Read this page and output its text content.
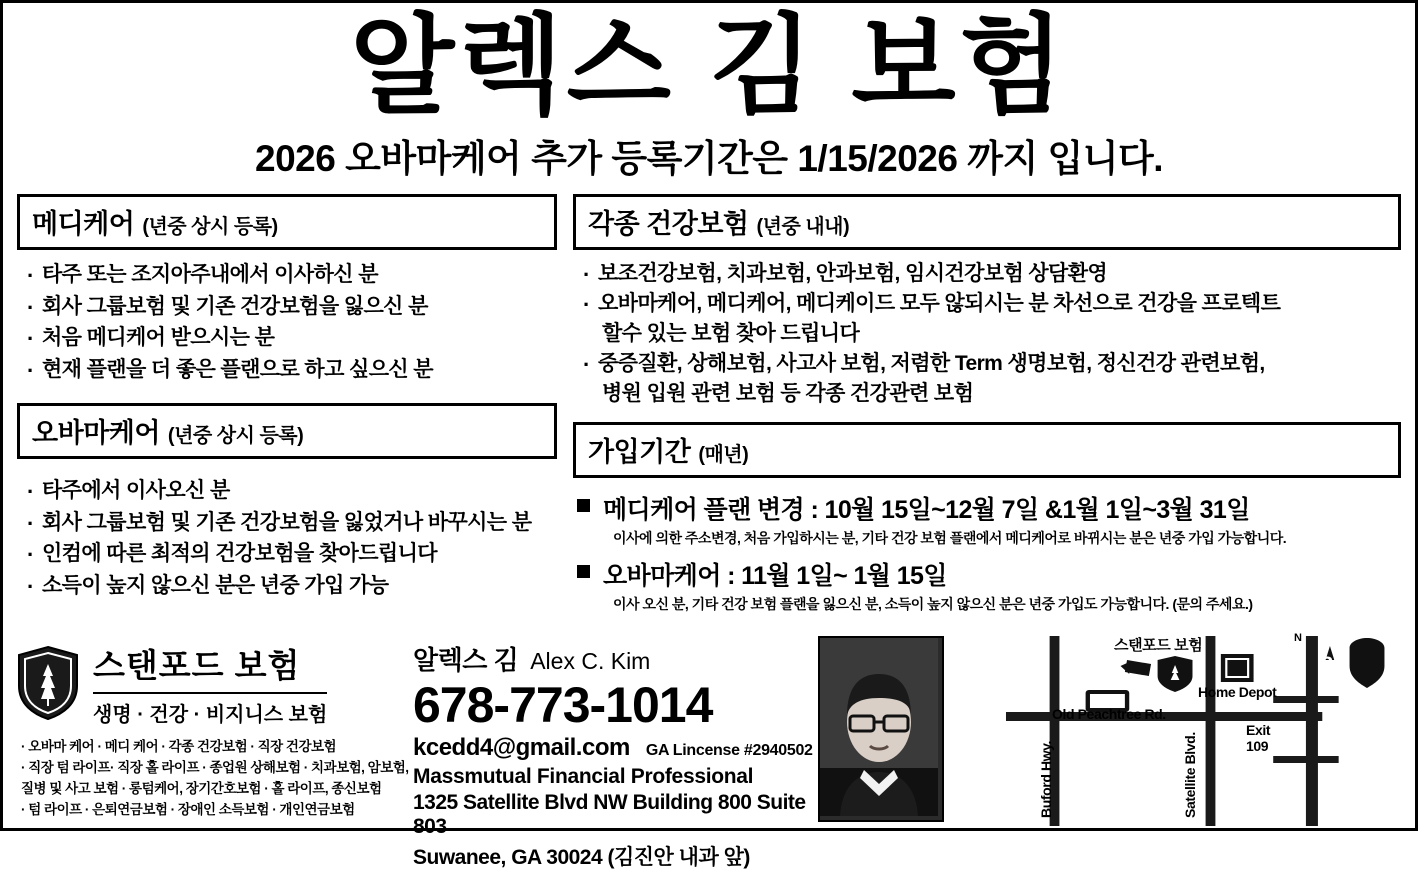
알렉스 김 보험
2026 오바마케어 추가 등록기간은 1/15/2026 까지 입니다.
메디케어 (년중 상시 등록)
· 타주 또는 조지아주내에서 이사하신 분
· 회사 그룹보험 및 기존 건강보험을 잃으신 분
· 처음 메디케어 받으시는 분
· 현재 플랜을 더 좋은 플랜으로 하고 싶으신 분
오바마케어 (년중 상시 등록)
· 타주에서 이사오신 분
· 회사 그룹보험 및 기존 건강보험을 잃었거나 바꾸시는 분
· 인컴에 따른 최적의 건강보험을 찾아드립니다
· 소득이 높지 않으신 분은 년중 가입 가능
각종 건강보험 (년중 내내)
· 보조건강보험, 치과보험, 안과보험, 임시건강보험 상담환영
· 오바마케어, 메디케어, 메디케이드 모두 않되시는 분 차선으로 건강을 프로텍트
할수 있는 보험 찾아 드립니다
· 중증질환, 상해보험, 사고사 보험, 저렴한 Term 생명보험, 정신건강 관련보험,
병원 입원 관련 보험 등 각종 건강관련 보험
가입기간 (매년)
메디케어 플랜 변경 : 10월 15일~12월 7일 &1월 1일~3월 31일
이사에 의한 주소변경, 처음 가입하시는 분, 기타 건강 보험 플랜에서 메디케어로 바뀌시는 분은 년중 가입 가능합니다.
오바마케어 : 11월 1일~ 1월 15일
이사 오신 분, 기타 건강 보험 플랜을 잃으신 분, 소득이 높지 않으신 분은 년중 가입도 가능합니다. (문의 주세요.)
스탠포드 보험
생명 · 건강 · 비지니스 보험
· 오바마 케어 · 메디 케어 · 각종 건강보험 · 직장 건강보험
· 직장 텀 라이프· 직장 홀 라이프 · 종업원 상해보험 · 치과보험, 암보험,
질병 및 사고 보험 · 롱텀케어, 장기간호보험 · 홀 라이프, 종신보험
· 텀 라이프 · 은퇴연금보험 · 장애인 소득보험 · 개인연금보험
알렉스 김 Alex C. Kim
678-773-1014
kcedd4@gmail.com GA Lincense #2940502
Massmutual Financial Professional
1325 Satellite Blvd NW Building 800 Suite 803
Suwanee, GA 30024 (김진안 내과 앞)
스탠포드 보험
Home Depot
Old Peachtree Rd.
Buford Hwy.	Satellite Blvd.
Exit
109
85
N
